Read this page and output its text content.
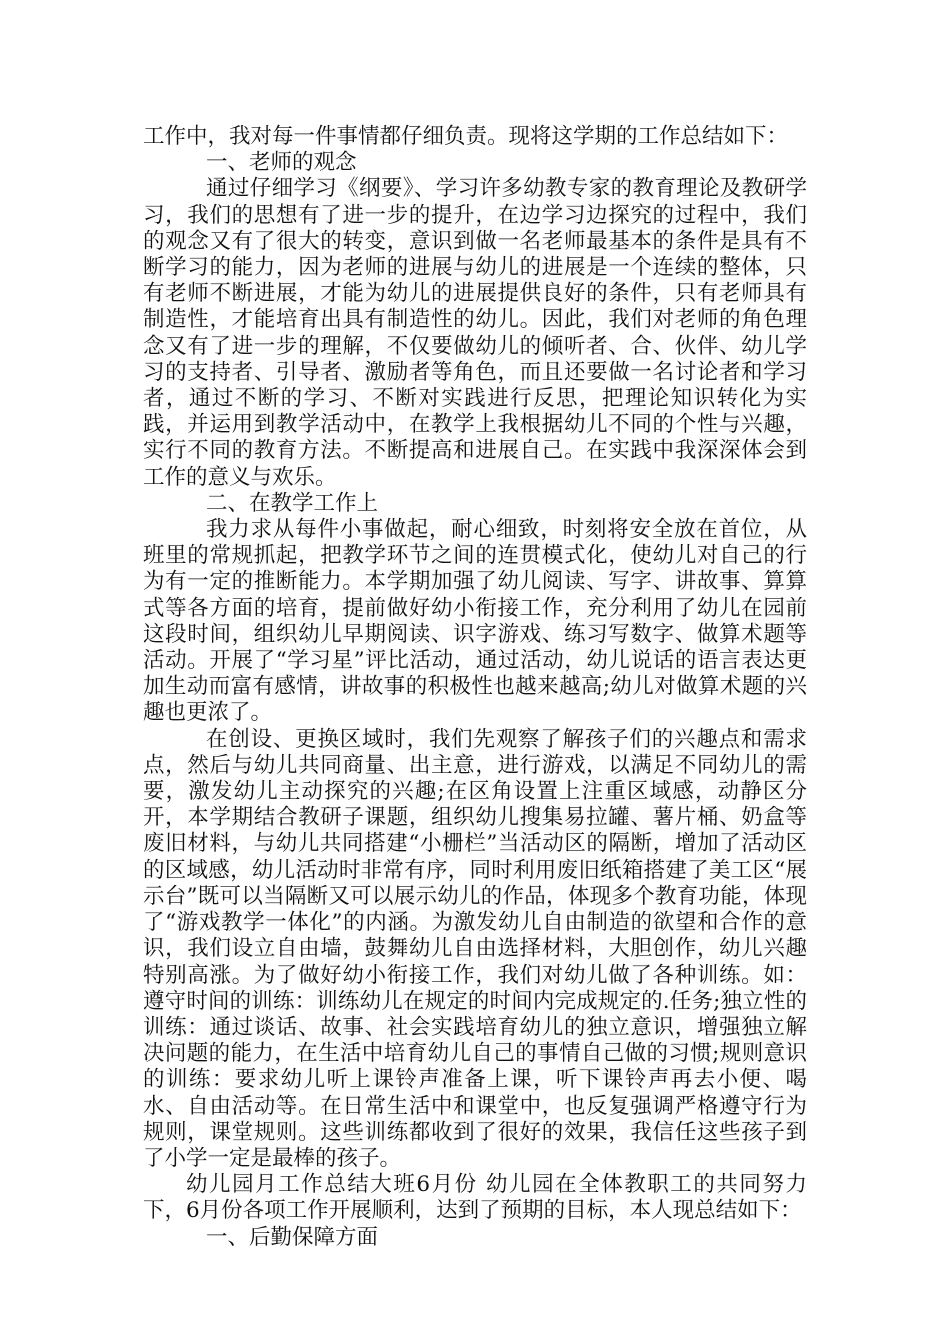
工作中，我对每一件事情都仔细负责。现将这学期的工作总结如下：

一、老师的观念

通过仔细学习《纲要》、学习许多幼教专家的教育理论及教研学习，我们的思想有了进一步的提升，在边学习边探究的过程中，我们的观念又有了很大的转变，意识到做一名老师最基本的条件是具有不断学习的能力，因为老师的进展与幼儿的进展是一个连续的整体，只有老师不断进展，才能为幼儿的进展提供良好的条件，只有老师具有制造性，才能培育出具有制造性的幼儿。因此，我们对老师的角色理念又有了进一步的理解，不仅要做幼儿的倾听者、合、伙伴、幼儿学习的支持者、引导者、激励者等角色，而且还要做一名讨论者和学习者，通过不断的学习、不断对实践进行反思，把理论知识转化为实践，并运用到教学活动中，在教学上我根据幼儿不同的个性与兴趣，实行不同的教育方法。不断提高和进展自己。在实践中我深深体会到工作的意义与欢乐。

二、在教学工作上

我力求从每件小事做起，耐心细致，时刻将安全放在首位，从班里的常规抓起，把教学环节之间的连贯模式化，使幼儿对自己的行为有一定的推断能力。本学期加强了幼儿阅读、写字、讲故事、算算式等各方面的培育，提前做好幼小衔接工作，充分利用了幼儿在园前这段时间，组织幼儿早期阅读、识字游戏、练习写数字、做算术题等活动。开展了“学习星”评比活动，通过活动，幼儿说话的语言表达更加生动而富有感情，讲故事的积极性也越来越高;幼儿对做算术题的兴趣也更浓了。

在创设、更换区域时，我们先观察了解孩子们的兴趣点和需求点，然后与幼儿共同商量、出主意，进行游戏，以满足不同幼儿的需要，激发幼儿主动探究的兴趣;在区角设置上注重区域感，动静区分开，本学期结合教研子课题，组织幼儿搜集易拉罐、薯片桶、奶盒等废旧材料，与幼儿共同搭建“小栅栏”当活动区的隔断，增加了活动区的区域感，幼儿活动时非常有序，同时利用废旧纸箱搭建了美工区“展示台”既可以当隔断又可以展示幼儿的作品，体现多个教育功能，体现了“游戏教学一体化”的内涵。为激发幼儿自由制造的欲望和合作的意识，我们设立自由墙，鼓舞幼儿自由选择材料，大胆创作，幼儿兴趣特别高涨。为了做好幼小衔接工作，我们对幼儿做了各种训练。如：遵守时间的训练：训练幼儿在规定的时间内完成规定的.任务;独立性的训练：通过谈话、故事、社会实践培育幼儿的独立意识，增强独立解决问题的能力，在生活中培育幼儿自己的事情自己做的习惯;规则意识的训练：要求幼儿听上课铃声准备上课，听下课铃声再去小便、喝水、自由活动等。在日常生活中和课堂中，也反复强调严格遵守行为规则，课堂规则。这些训练都收到了很好的效果，我信任这些孩子到了小学一定是最棒的孩子。

幼儿园月工作总结大班6月份 幼儿园在全体教职工的共同努力下，6月份各项工作开展顺利，达到了预期的目标，本人现总结如下：

一、后勤保障方面
